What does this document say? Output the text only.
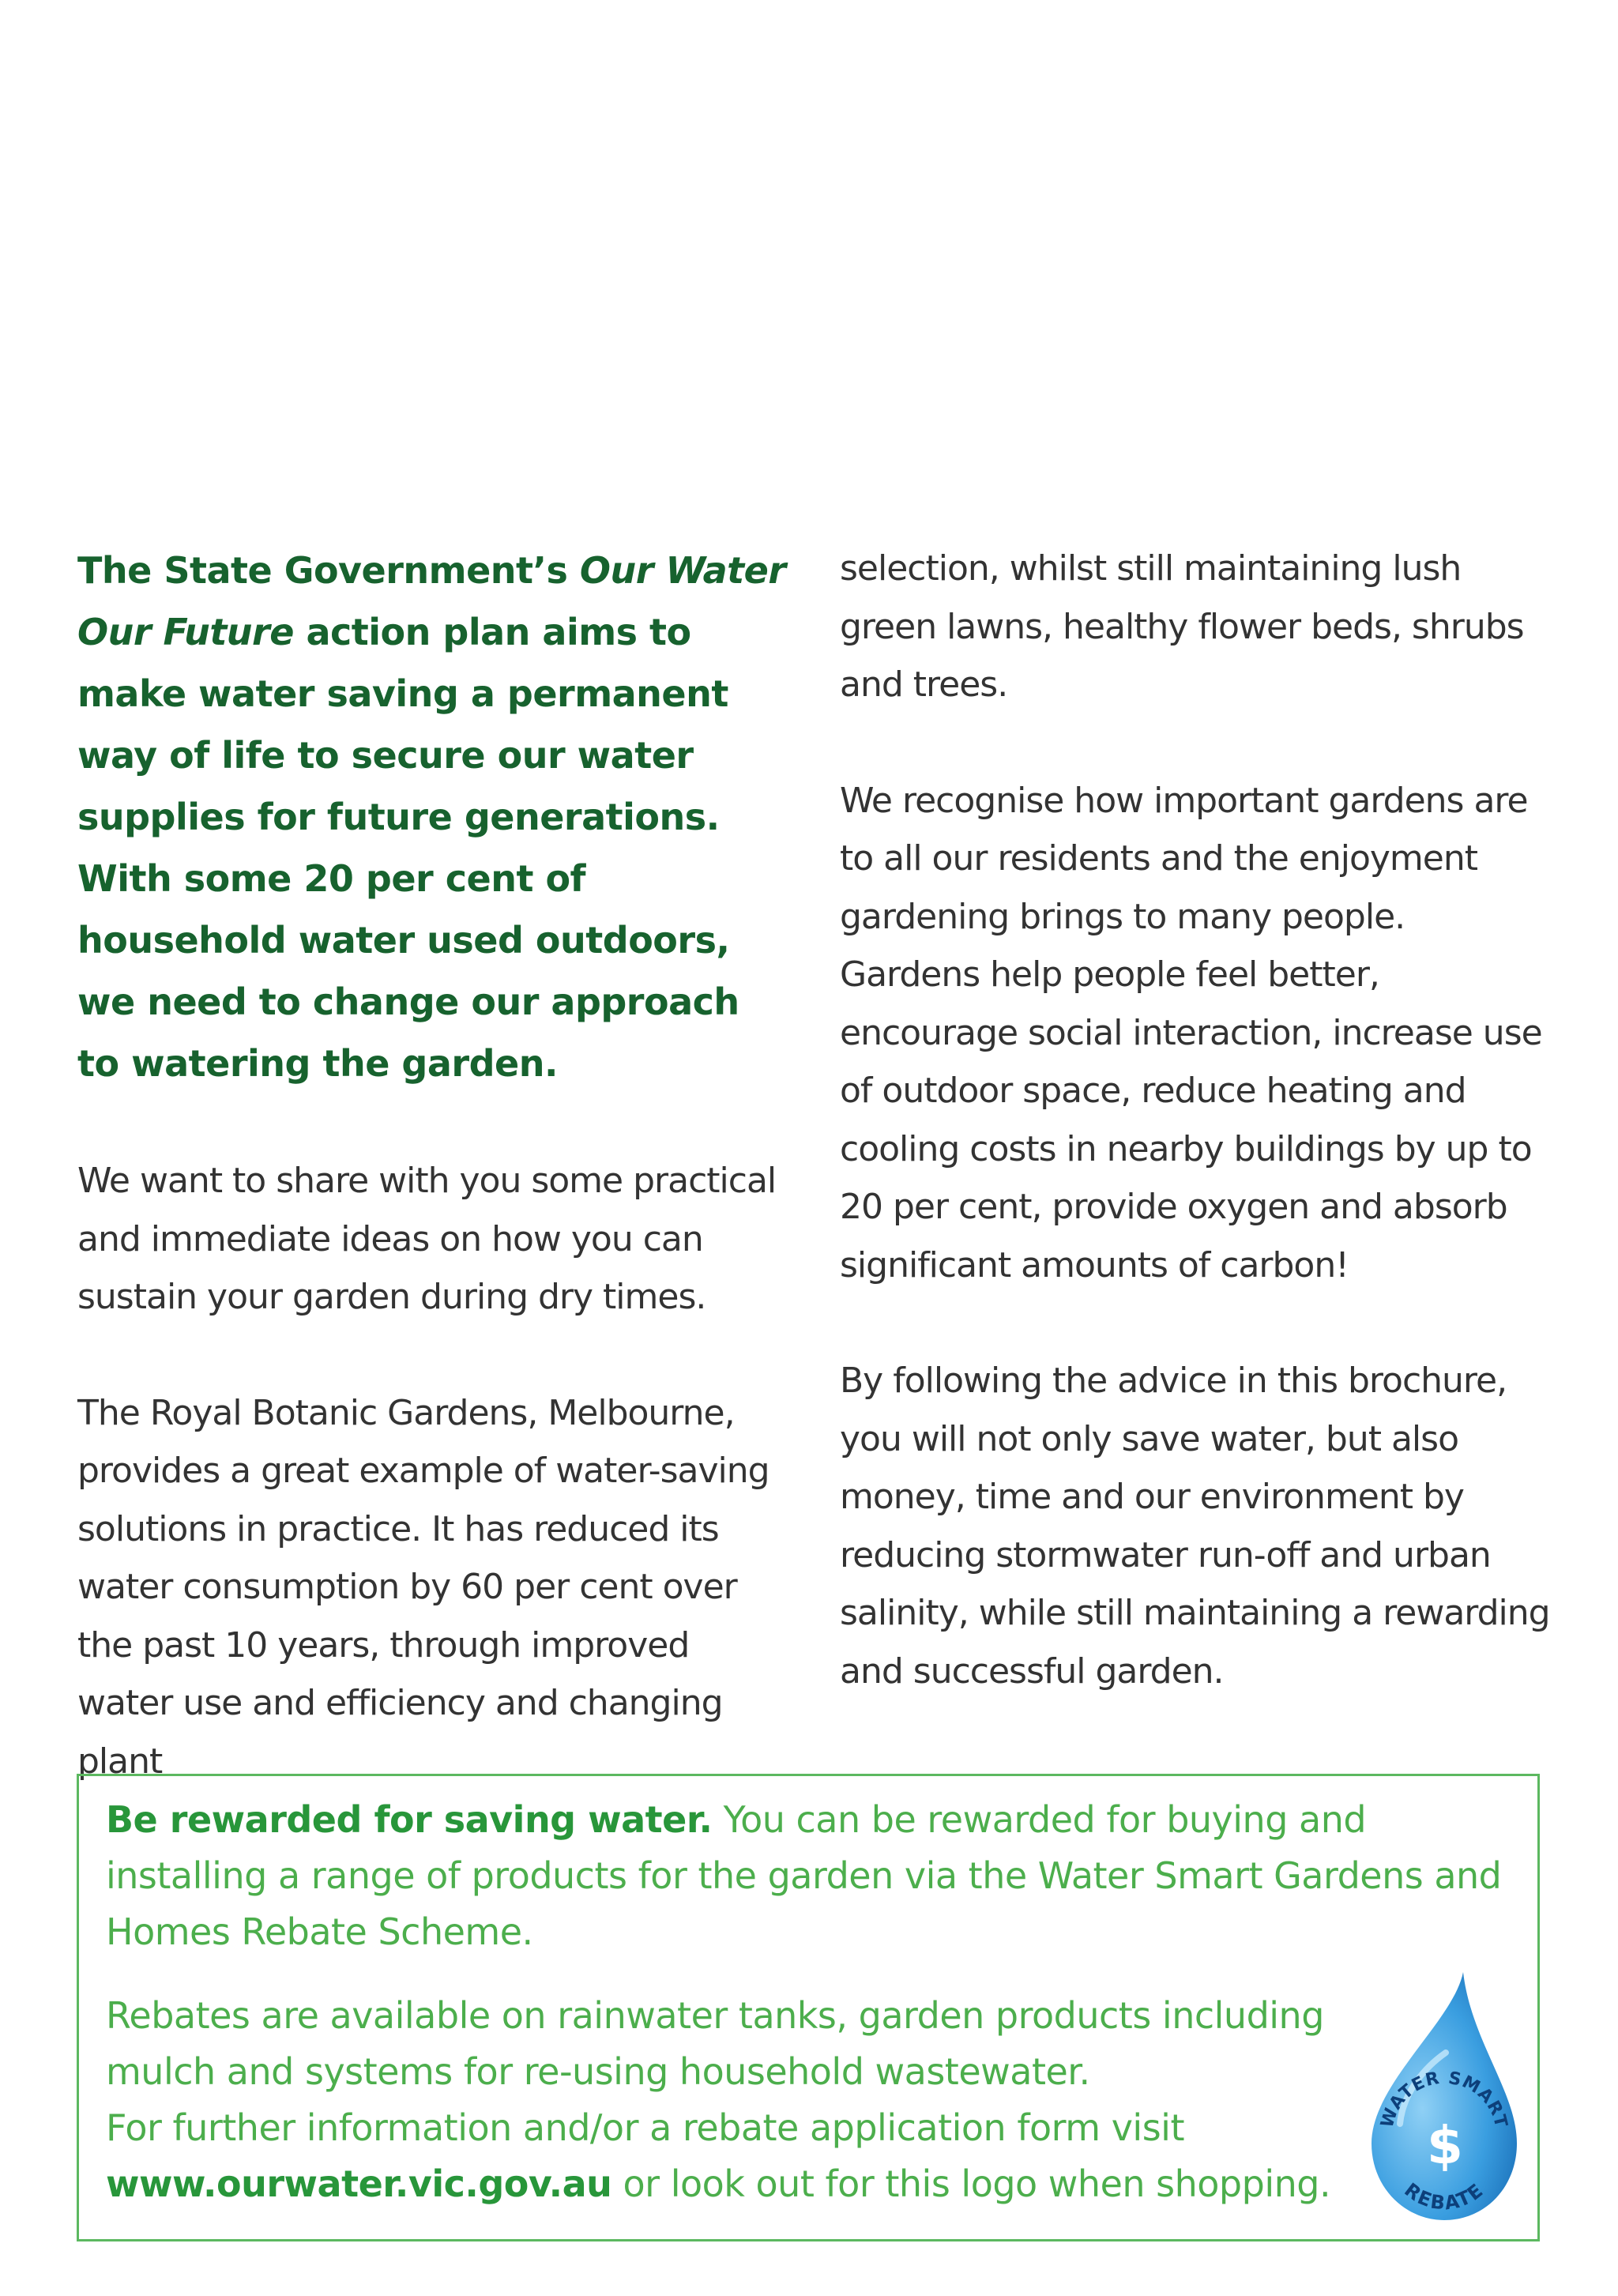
The State Government’s Our Water Our Future action plan aims to make water saving a permanent way of life to secure our water supplies for future generations. With some 20 per cent of household water used outdoors, we need to change our approach to watering the garden.

We want to share with you some practical and immediate ideas on how you can sustain your garden during dry times.

The Royal Botanic Gardens, Melbourne, provides a great example of water-saving solutions in practice. It has reduced its water consumption by 60 per cent over the past 10 years, through improved water use and efficiency and changing plant

selection, whilst still maintaining lush green lawns, healthy flower beds, shrubs and trees.

We recognise how important gardens are to all our residents and the enjoyment gardening brings to many people. Gardens help people feel better, encourage social interaction, increase use of outdoor space, reduce heating and cooling costs in nearby buildings by up to 20 per cent, provide oxygen and absorb significant amounts of carbon!

By following the advice in this brochure, you will not only save water, but also money, time and our environment by reducing stormwater run-off and urban salinity, while still maintaining a rewarding and successful garden.

Be rewarded for saving water. You can be rewarded for buying and installing a range of products for the garden via the Water Smart Gardens and Homes Rebate Scheme.

Rebates are available on rainwater tanks, garden products including mulch and systems for re-using household wastewater.
For further information and/or a rebate application form visit
www.ourwater.vic.gov.au or look out for this logo when shopping.

WATER SMART
REBATE
$
